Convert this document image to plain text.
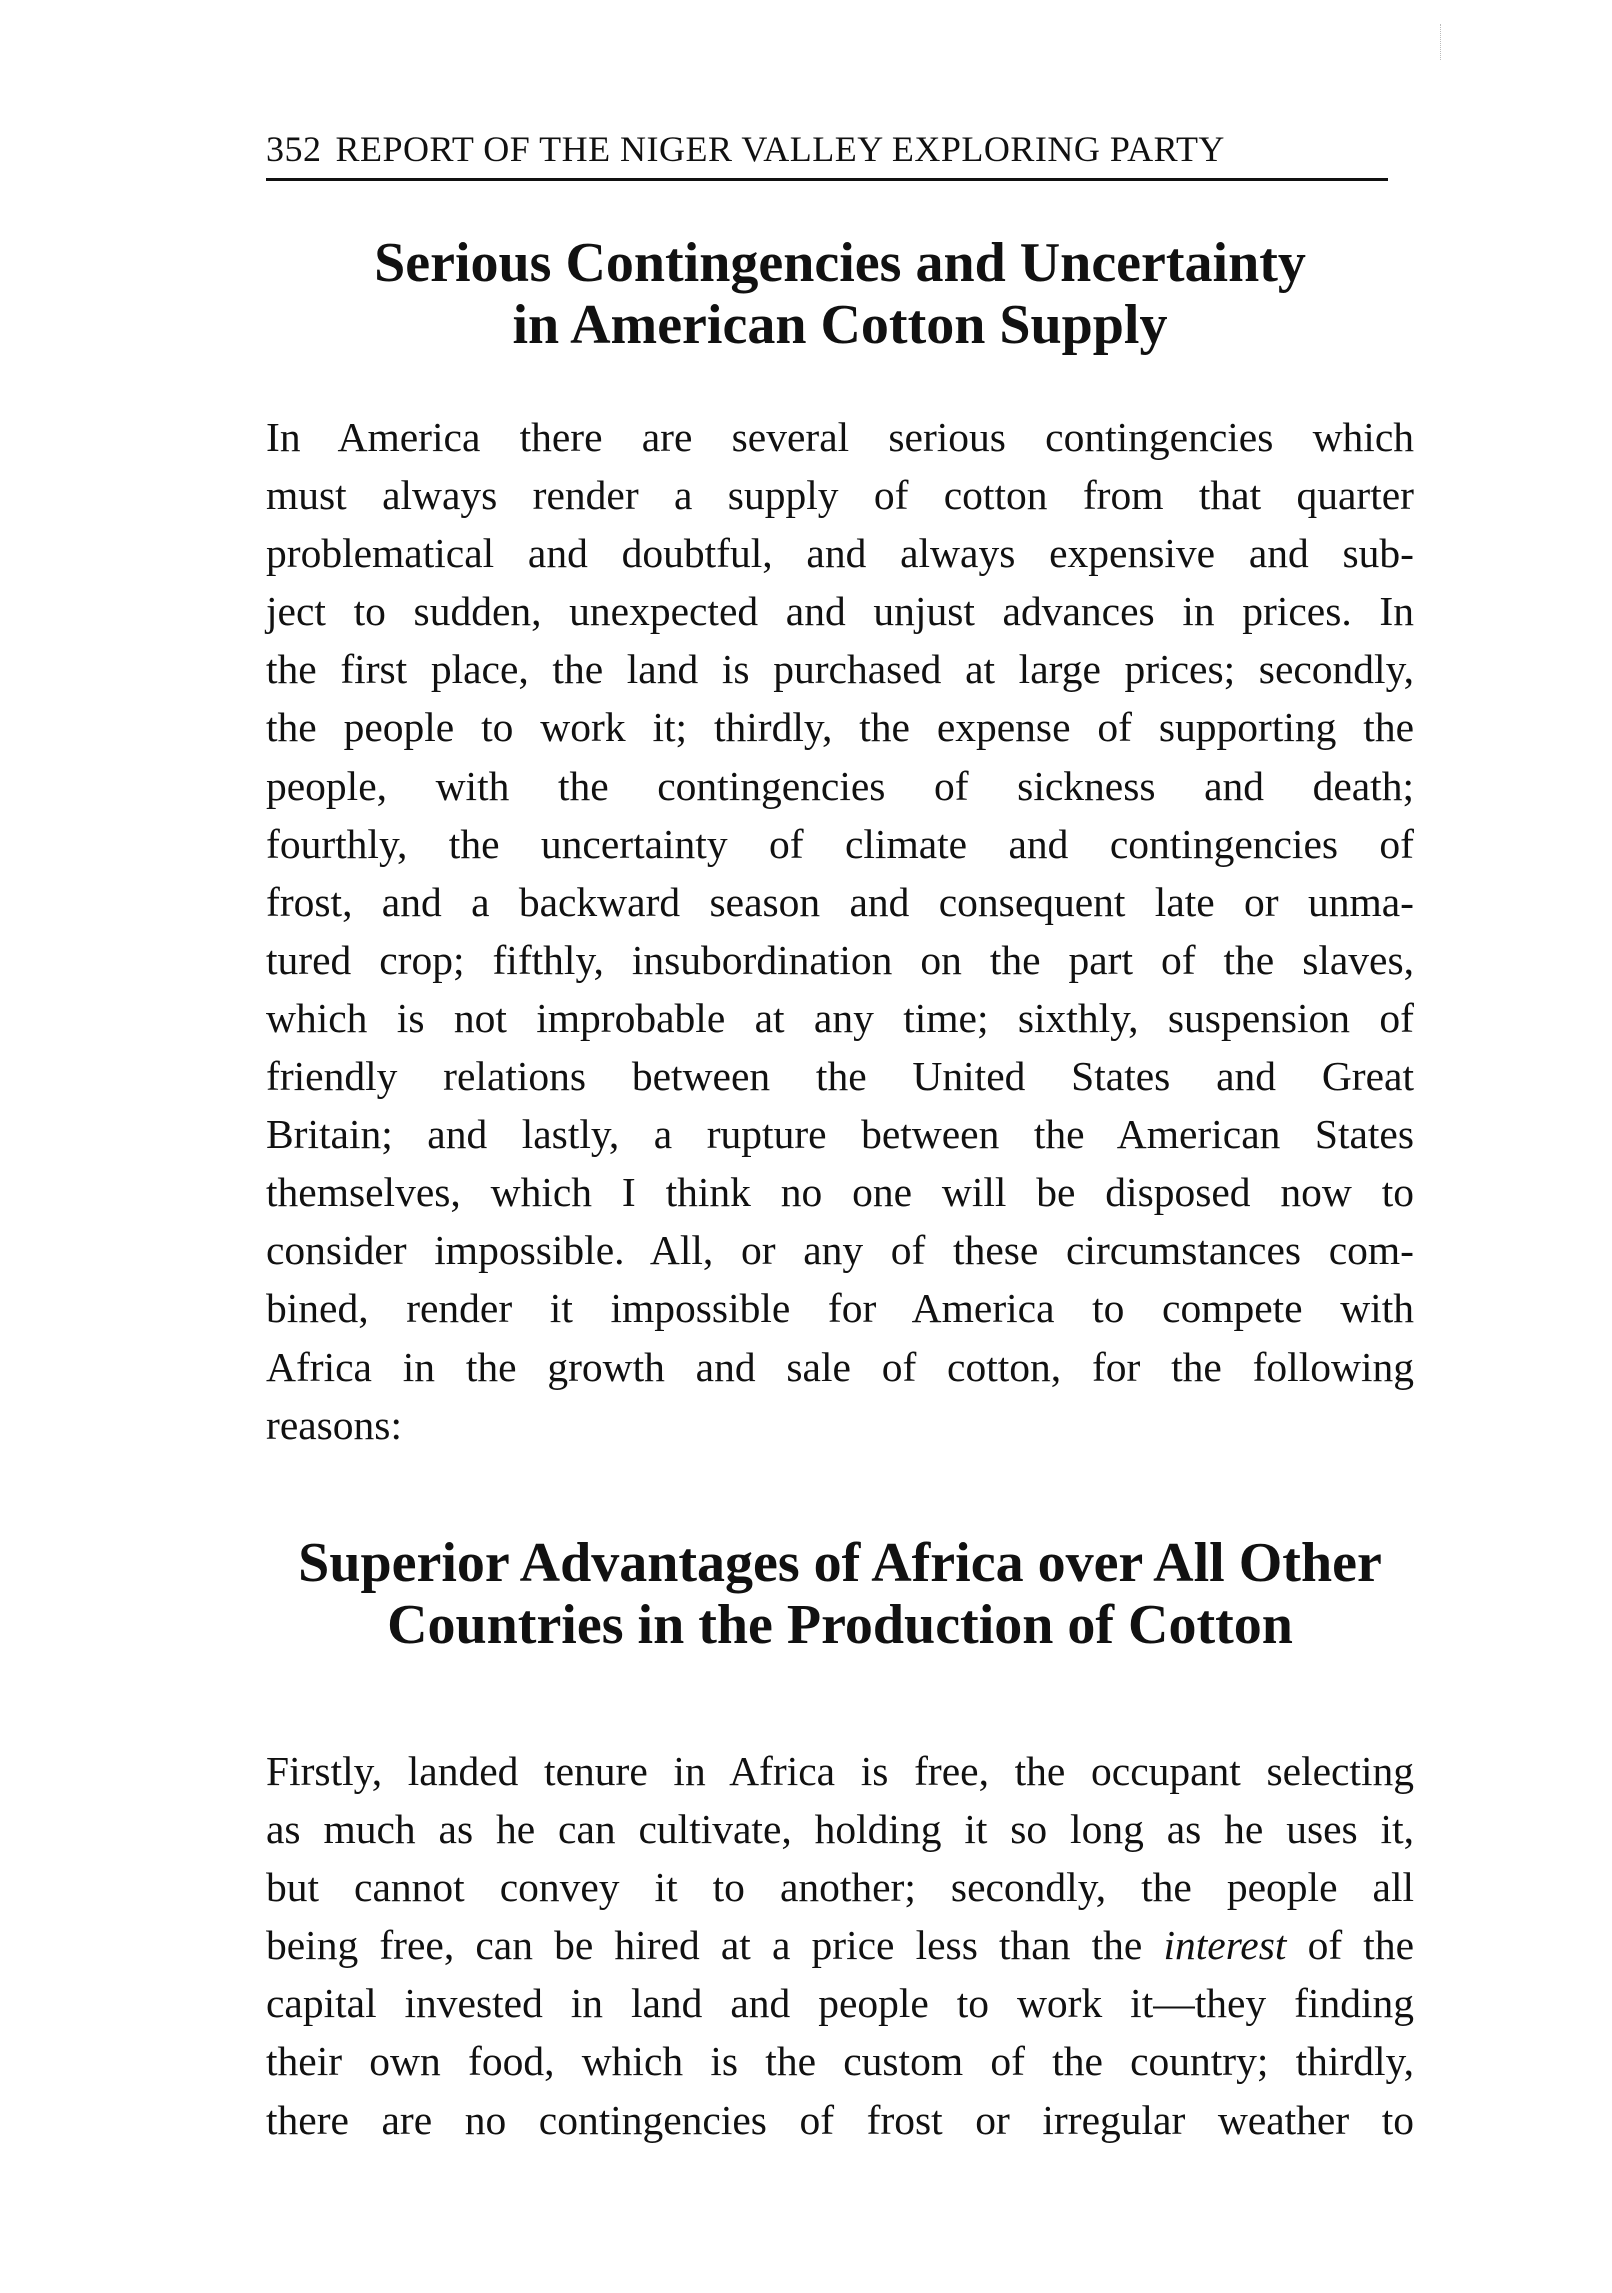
352 REPORT OF THE NIGER VALLEY EXPLORING PARTY
Serious Contingencies and Uncertainty
in American Cotton Supply
In America there are several serious contingencies which
must always render a supply of cotton from that quarter
problematical and doubtful, and always expensive and sub-
ject to sudden, unexpected and unjust advances in prices. In
the first place, the land is purchased at large prices; secondly,
the people to work it; thirdly, the expense of supporting the
people, with the contingencies of sickness and death;
fourthly, the uncertainty of climate and contingencies of
frost, and a backward season and consequent late or unma-
tured crop; fifthly, insubordination on the part of the slaves,
which is not improbable at any time; sixthly, suspension of
friendly relations between the United States and Great
Britain; and lastly, a rupture between the American States
themselves, which I think no one will be disposed now to
consider impossible. All, or any of these circumstances com-
bined, render it impossible for America to compete with
Africa in the growth and sale of cotton, for the following
reasons:
Superior Advantages of Africa over All Other
Countries in the Production of Cotton
Firstly, landed tenure in Africa is free, the occupant selecting
as much as he can cultivate, holding it so long as he uses it,
but cannot convey it to another; secondly, the people all
being free, can be hired at a price less than the interest of the
capital invested in land and people to work it—they finding
their own food, which is the custom of the country; thirdly,
there are no contingencies of frost or irregular weather to
